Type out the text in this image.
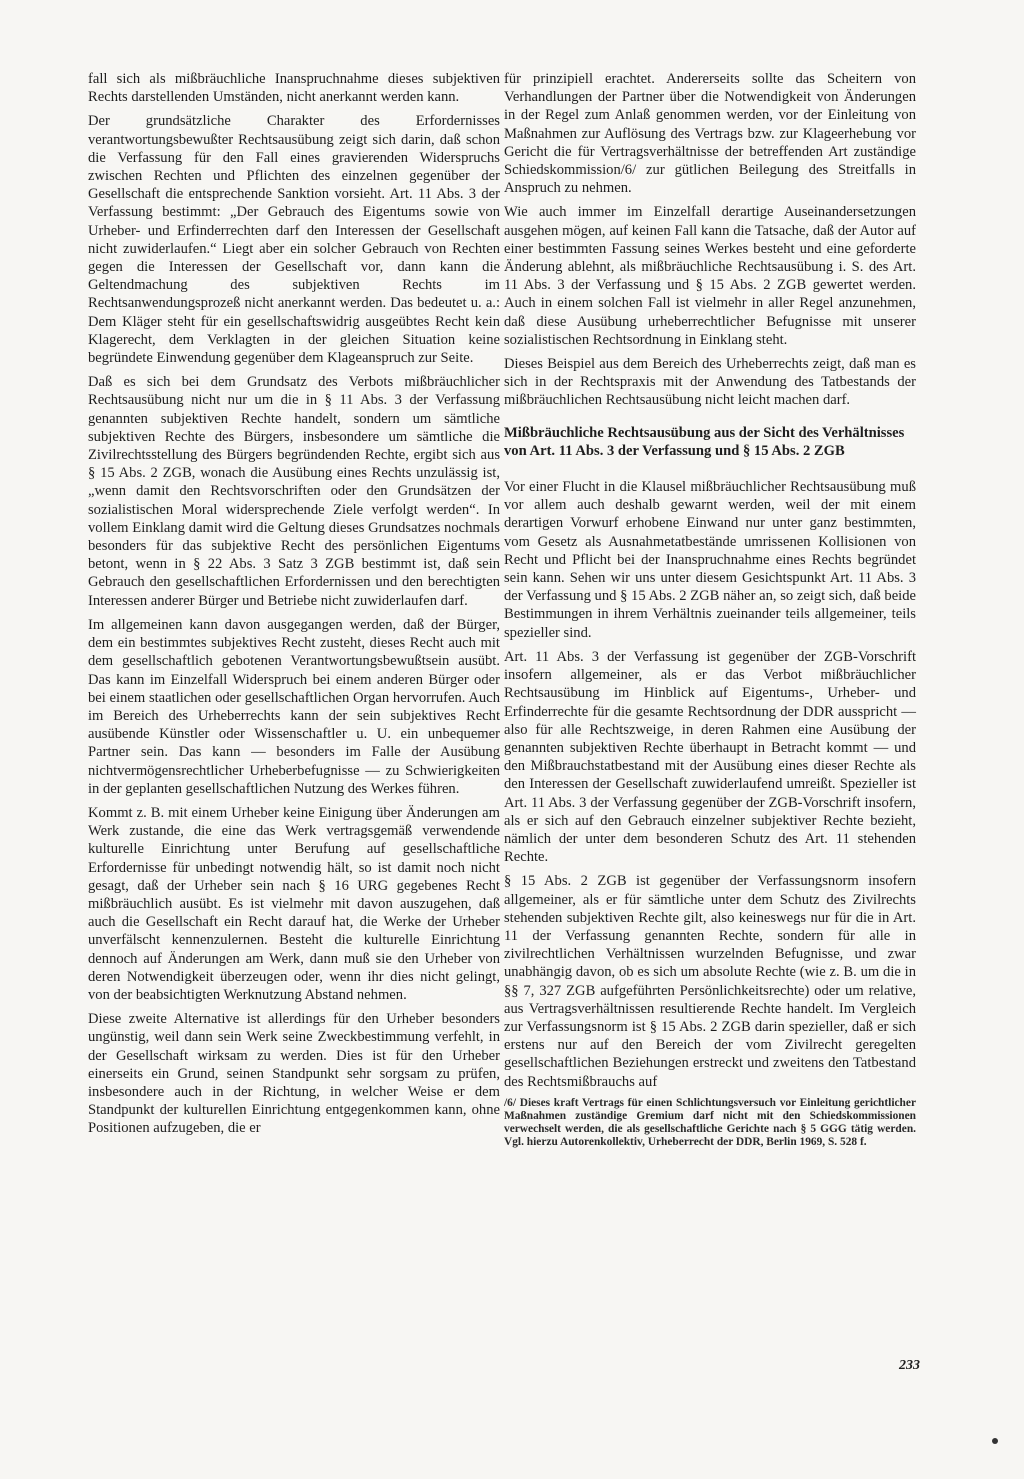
fall sich als mißbräuchliche Inanspruchnahme dieses subjektiven Rechts darstellenden Umständen, nicht anerkannt werden kann.

Der grundsätzliche Charakter des Erfordernisses verantwortungsbewußter Rechtsausübung zeigt sich darin, daß schon die Verfassung für den Fall eines gravierenden Widerspruchs zwischen Rechten und Pflichten des einzelnen gegenüber der Gesellschaft die entsprechende Sanktion vorsieht. Art. 11 Abs. 3 der Verfassung bestimmt: „Der Gebrauch des Eigentums sowie von Urheber- und Erfinderrechten darf den Interessen der Gesellschaft nicht zuwiderlaufen.“ Liegt aber ein solcher Gebrauch von Rechten gegen die Interessen der Gesellschaft vor, dann kann die Geltendmachung des subjektiven Rechts im Rechtsanwendungsprozeß nicht anerkannt werden. Das bedeutet u. a.: Dem Kläger steht für ein gesellschaftswidrig ausgeübtes Recht kein Klagerecht, dem Verklagten in der gleichen Situation keine begründete Einwendung gegenüber dem Klageanspruch zur Seite.

Daß es sich bei dem Grundsatz des Verbots mißbräuchlicher Rechtsausübung nicht nur um die in § 11 Abs. 3 der Verfassung genannten subjektiven Rechte handelt, sondern um sämtliche subjektiven Rechte des Bürgers, insbesondere um sämtliche die Zivilrechtsstellung des Bürgers begründenden Rechte, ergibt sich aus § 15 Abs. 2 ZGB, wonach die Ausübung eines Rechts unzulässig ist, „wenn damit den Rechtsvorschriften oder den Grundsätzen der sozialistischen Moral widersprechende Ziele verfolgt werden“. In vollem Einklang damit wird die Geltung dieses Grundsatzes nochmals besonders für das subjektive Recht des persönlichen Eigentums betont, wenn in § 22 Abs. 3 Satz 3 ZGB bestimmt ist, daß sein Gebrauch den gesellschaftlichen Erfordernissen und den berechtigten Interessen anderer Bürger und Betriebe nicht zuwiderlaufen darf.

Im allgemeinen kann davon ausgegangen werden, daß der Bürger, dem ein bestimmtes subjektives Recht zusteht, dieses Recht auch mit dem gesellschaftlich gebotenen Verantwortungsbewußtsein ausübt. Das kann im Einzelfall Widerspruch bei einem anderen Bürger oder bei einem staatlichen oder gesellschaftlichen Organ hervorrufen. Auch im Bereich des Urheberrechts kann der sein subjektives Recht ausübende Künstler oder Wissenschaftler u. U. ein unbequemer Partner sein. Das kann — besonders im Falle der Ausübung nichtvermögensrechtlicher Urheberbefugnisse — zu Schwierigkeiten in der geplanten gesellschaftlichen Nutzung des Werkes führen.

Kommt z. B. mit einem Urheber keine Einigung über Änderungen am Werk zustande, die eine das Werk vertragsgemäß verwendende kulturelle Einrichtung unter Berufung auf gesellschaftliche Erfordernisse für unbedingt notwendig hält, so ist damit noch nicht gesagt, daß der Urheber sein nach § 16 URG gegebenes Recht mißbräuchlich ausübt. Es ist vielmehr mit davon auszugehen, daß auch die Gesellschaft ein Recht darauf hat, die Werke der Urheber unverfälscht kennenzulernen. Besteht die kulturelle Einrichtung dennoch auf Änderungen am Werk, dann muß sie den Urheber von deren Notwendigkeit überzeugen oder, wenn ihr dies nicht gelingt, von der beabsichtigten Werknutzung Abstand nehmen.

Diese zweite Alternative ist allerdings für den Urheber besonders ungünstig, weil dann sein Werk seine Zweckbestimmung verfehlt, in der Gesellschaft wirksam zu werden. Dies ist für den Urheber einerseits ein Grund, seinen Standpunkt sehr sorgsam zu prüfen, insbesondere auch in der Richtung, in welcher Weise er dem Standpunkt der kulturellen Einrichtung entgegenkommen kann, ohne Positionen aufzugeben, die er

für prinzipiell erachtet. Andererseits sollte das Scheitern von Verhandlungen der Partner über die Notwendigkeit von Änderungen in der Regel zum Anlaß genommen werden, vor der Einleitung von Maßnahmen zur Auflösung des Vertrags bzw. zur Klageerhebung vor Gericht die für Vertragsverhältnisse der betreffenden Art zuständige Schiedskommission/6/ zur gütlichen Beilegung des Streitfalls in Anspruch zu nehmen.

Wie auch immer im Einzelfall derartige Auseinandersetzungen ausgehen mögen, auf keinen Fall kann die Tatsache, daß der Autor auf einer bestimmten Fassung seines Werkes besteht und eine geforderte Änderung ablehnt, als mißbräuchliche Rechtsausübung i. S. des Art. 11 Abs. 3 der Verfassung und § 15 Abs. 2 ZGB gewertet werden. Auch in einem solchen Fall ist vielmehr in aller Regel anzunehmen, daß diese Ausübung urheberrechtlicher Befugnisse mit unserer sozialistischen Rechtsordnung in Einklang steht.

Dieses Beispiel aus dem Bereich des Urheberrechts zeigt, daß man es sich in der Rechtspraxis mit der Anwendung des Tatbestands der mißbräuchlichen Rechtsausübung nicht leicht machen darf.

Mißbräuchliche Rechtsausübung aus der Sicht des Verhältnisses von Art. 11 Abs. 3 der Verfassung und § 15 Abs. 2 ZGB

Vor einer Flucht in die Klausel mißbräuchlicher Rechtsausübung muß vor allem auch deshalb gewarnt werden, weil der mit einem derartigen Vorwurf erhobene Einwand nur unter ganz bestimmten, vom Gesetz als Ausnahmetatbestände umrissenen Kollisionen von Recht und Pflicht bei der Inanspruchnahme eines Rechts begründet sein kann. Sehen wir uns unter diesem Gesichtspunkt Art. 11 Abs. 3 der Verfassung und § 15 Abs. 2 ZGB näher an, so zeigt sich, daß beide Bestimmungen in ihrem Verhältnis zueinander teils allgemeiner, teils spezieller sind.

Art. 11 Abs. 3 der Verfassung ist gegenüber der ZGB-Vorschrift insofern allgemeiner, als er das Verbot mißbräuchlicher Rechtsausübung im Hinblick auf Eigentums-, Urheber- und Erfinderrechte für die gesamte Rechtsordnung der DDR ausspricht — also für alle Rechtszweige, in deren Rahmen eine Ausübung der genannten subjektiven Rechte überhaupt in Betracht kommt — und den Mißbrauchstatbestand mit der Ausübung eines dieser Rechte als den Interessen der Gesellschaft zuwiderlaufend umreißt. Spezieller ist Art. 11 Abs. 3 der Verfassung gegenüber der ZGB-Vorschrift insofern, als er sich auf den Gebrauch einzelner subjektiver Rechte bezieht, nämlich der unter dem besonderen Schutz des Art. 11 stehenden Rechte.

§ 15 Abs. 2 ZGB ist gegenüber der Verfassungsnorm insofern allgemeiner, als er für sämtliche unter dem Schutz des Zivilrechts stehenden subjektiven Rechte gilt, also keineswegs nur für die in Art. 11 der Verfassung genannten Rechte, sondern für alle in zivilrechtlichen Verhältnissen wurzelnden Befugnisse, und zwar unabhängig davon, ob es sich um absolute Rechte (wie z. B. um die in §§ 7, 327 ZGB aufgeführten Persönlichkeitsrechte) oder um relative, aus Vertragsverhältnissen resultierende Rechte handelt. Im Vergleich zur Verfassungsnorm ist § 15 Abs. 2 ZGB darin spezieller, daß er sich erstens nur auf den Bereich der vom Zivilrecht geregelten gesellschaftlichen Beziehungen erstreckt und zweitens den Tatbestand des Rechtsmißbrauchs auf

/6/ Dieses kraft Vertrags für einen Schlichtungsversuch vor Einleitung gerichtlicher Maßnahmen zuständige Gremium darf nicht mit den Schiedskommissionen verwechselt werden, die als gesellschaftliche Gerichte nach § 5 GGG tätig werden. Vgl. hierzu Autorenkollektiv, Urheberrecht der DDR, Berlin 1969, S. 528 f.

233
